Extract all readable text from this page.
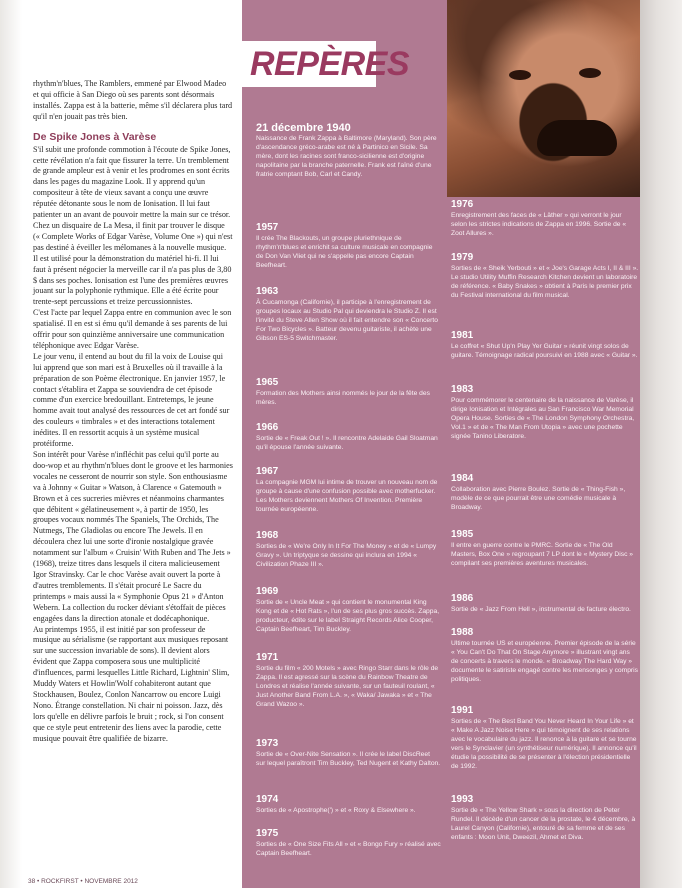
rhythm'n'blues, The Ramblers, emmené par Elwood Madeo et qui officie à San Diego où ses parents sont désormais installés. Zappa est à la batterie, même s'il déclarera plus tard qu'il n'en jouait pas très bien.

De Spike Jones à Varèse

S'il subit une profonde commotion à l'écoute de Spike Jones, cette révélation n'a fait que fissurer la terre. Un tremblement de grande ampleur est à venir et les prodromes en sont écrits dans les pages du magazine Look. Il y apprend qu'un compositeur à tête de vieux savant a conçu une œuvre réputée détonante sous le nom de Ionisation. Il lui faut patienter un an avant de pouvoir mettre la main sur ce trésor. Chez un disquaire de La Mesa, il finit par trouver le disque (« Complete Works of Edgar Varèse, Volume One ») qui n'est pas destiné à éveiller les mélomanes à la nouvelle musique. Il est utilisé pour la démonstration du matériel hi-fi. Il lui faut à présent négocier la merveille car il n'a pas plus de 3,80 $ dans ses poches. Ionisation est l'une des premières œuvres jouant sur la polyphonie rythmique. Elle a été écrite pour trente-sept percussions et treize percussionnistes.

C'est l'acte par lequel Zappa entre en communion avec le son spatialisé. Il en est si ému qu'il demande à ses parents de lui offrir pour son quinzième anniversaire une communication téléphonique avec Edgar Varèse.

Le jour venu, il entend au bout du fil la voix de Louise qui lui apprend que son mari est à Bruxelles où il travaille à la préparation de son Poème électronique. En janvier 1957, le contact s'établira et Zappa se souviendra de cet épisode comme d'un exercice bredouillant. Entretemps, le jeune homme avait tout analysé des ressources de cet art fondé sur des couleurs « timbrales » et des interactions totalement inédites. Il en ressortit acquis à un système musical protéiforme.

Son intérêt pour Varèse n'infléchit pas celui qu'il porte au doo-wop et au rhythm'n'blues dont le groove et les harmonies vocales ne cesseront de nourrir son style. Son enthousiasme va à Johnny « Guitar » Watson, à Clarence « Gatemouth » Brown et à ces sucreries mièvres et néanmoins charmantes que débitent « gélatineusement », à partir de 1950, les groupes vocaux nommés The Spaniels, The Orchids, The Nutmegs, The Gladiolas ou encore The Jewels. Il en découlera chez lui une sorte d'ironie nostalgique gravée notamment sur l'album « Cruisin' With Ruben and The Jets » (1968), treize titres dans lesquels il citera malicieusement Igor Stravinsky. Car le choc Varèse avait ouvert la porte à d'autres tremblements. Il s'était procuré Le Sacre du printemps » mais aussi la « Symphonie Opus 21 » d'Anton Webern. La collection du rocker déviant s'étoffait de pièces engagées dans la direction atonale et dodécaphonique.

Au printemps 1955, il est initié par son professeur de musique au sérialisme (se rapportant aux musiques reposant sur une succession invariable de sons). Il devient alors évident que Zappa composera sous une multiplicité d'influences, parmi lesquelles Little Richard, Lightnin' Slim, Muddy Waters et Howlin'Wolf cohabiteront autant que Stockhausen, Boulez, Conlon Nancarrow ou encore Luigi Nono. Étrange constellation. Ni chair ni poisson. Jazz, dès lors qu'elle en délivre parfois le bruit ; rock, si l'on consent que ce style peut entretenir des liens avec la parodie, cette musique pouvait être qualifiée de bizarre.

REPÈRES
21 décembre 1940
Naissance de Frank Zappa à Baltimore (Maryland). Son père d'ascendance gréco-arabe est né à Partinico en Sicile. Sa mère, dont les racines sont franco-sicilienne est d'origine napolitaine par la branche paternelle. Frank est l'aîné d'une fratrie comptant Bob, Carl et Candy.
1957
Il crée The Blackouts, un groupe pluriethnique de rhythm'n'blues et enrichit sa culture musicale en compagnie de Don Van Vliet qui ne s'appelle pas encore Captain Beefheart.
1963
À Cucamonga (Californie), il participe à l'enregistrement de groupes locaux au Studio Pal qui deviendra le Studio Z. Il est l'invité du Steve Allen Show où il fait entendre son « Concerto For Two Bicycles ». Batteur devenu guitariste, il achète une Gibson ES-5 Switchmaster.
1965
Formation des Mothers ainsi nommés le jour de la fête des mères.
1966
Sortie de « Freak Out ! ». Il rencontre Adelaide Gail Sloatman qu'il épouse l'année suivante.
1967
La compagnie MGM lui intime de trouver un nouveau nom de groupe à cause d'une confusion possible avec motherfucker. Les Mothers deviennent Mothers Of Invention. Première tournée européenne.
1968
Sorties de « We're Only In It For The Money » et de « Lumpy Gravy ». Un triptyque se dessine qui inclura en 1994 « Civilization Phaze III ».
1969
Sortie de « Uncle Meat » qui contient le monumental King Kong et de « Hot Rats », l'un de ses plus gros succès. Zappa, producteur, édite sur le label Straight Records Alice Cooper, Captain Beefheart, Tim Buckley.
1971
Sortie du film « 200 Motels » avec Ringo Starr dans le rôle de Zappa. Il est agressé sur la scène du Rainbow Theatre de Londres et réalise l'année suivante, sur un fauteuil roulant, « Just Another Band From L.A. », « Waka/ Jawaka » et « The Grand Wazoo ».
1973
Sortie de « Over-Nite Sensation ». Il crée le label DiscReet sur lequel paraîtront Tim Buckley, Ted Nugent et Kathy Dalton.
1974
Sorties de « Apostrophe(') » et « Roxy & Elsewhere ».
1975
Sorties de « One Size Fits All » et « Bongo Fury » réalisé avec Captain Beefheart.
1976
Enregistrement des faces de « Läther » qui verront le jour selon les strictes indications de Zappa en 1996. Sortie de « Zoot Allures ».
1979
Sorties de « Sheik Yerbouti » et « Joe's Garage Acts I, II & III ». Le studio Utility Muffin Research Kitchen devient un laboratoire de référence. « Baby Snakes » obtient à Paris le premier prix du Festival international du film musical.
1981
Le coffret « Shut Up'n Play Yer Guitar » réunit vingt solos de guitare. Témoignage radical poursuivi en 1988 avec « Guitar ».
1983
Pour commémorer le centenaire de la naissance de Varèse, il dirige Ionisation et Intégrales au San Francisco War Memorial Opera House. Sorties de « The London Symphony Orchestra, Vol.1 » et de « The Man From Utopia » avec une pochette signée Tanino Liberatore.
1984
Collaboration avec Pierre Boulez. Sortie de « Thing-Fish », modèle de ce que pourrait être une comédie musicale à Broadway.
1985
Il entre en guerre contre le PMRC. Sortie de « The Old Masters, Box One » regroupant 7 LP dont le « Mystery Disc » compilant ses premières aventures musicales.
1986
Sortie de « Jazz From Hell », instrumental de facture électro.
1988
Ultime tournée US et européenne. Premier épisode de la série « You Can't Do That On Stage Anymore » illustrant vingt ans de concerts à travers le monde. « Broadway The Hard Way » documente le satiriste engagé contre les mensonges y compris politiques.
1991
Sorties de « The Best Band You Never Heard In Your Life » et « Make A Jazz Noise Here » qui témoignent de ses relations avec le vocabulaire du jazz. Il renonce à la guitare et se tourne vers le Synclavier (un synthétiseur numérique). Il annonce qu'il étudie la possibilité de se présenter à l'élection présidentielle de 1992.
1993
Sortie de « The Yellow Shark » sous la direction de Peter Rundel. Il décède d'un cancer de la prostate, le 4 décembre, à Laurel Canyon (Californie), entouré de sa femme et de ses enfants : Moon Unit, Dweezil, Ahmet et Diva.
38 • ROCKFIRST • NOVEMBRE 2012
